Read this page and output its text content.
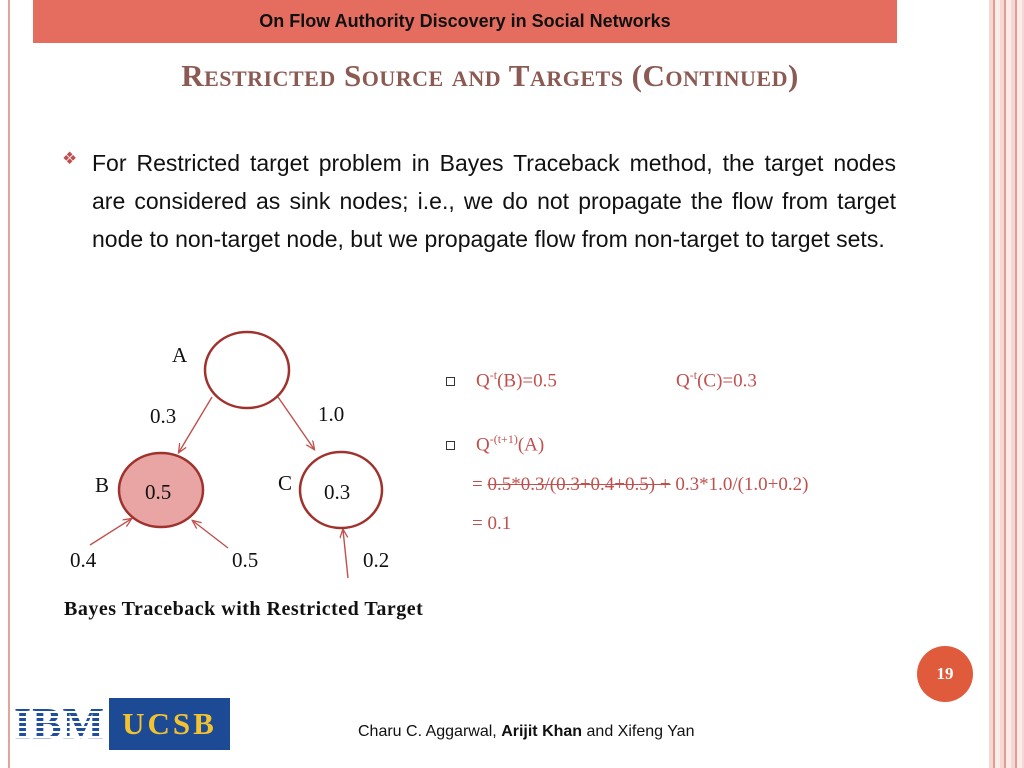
On Flow Authority Discovery in Social Networks
Restricted Source and Targets (Continued)
❖ For Restricted target problem in Bayes Traceback method, the target nodes are considered as sink nodes; i.e., we do not propagate the flow from target node to non-target node, but we propagate flow from non-target to target sets.
A
B	C
0.5	0.3
0.3	1.0
0.4	0.5	0.2
$Q^{-t}(B)=0.5$	$Q^{-t}(C)=0.3$
$Q^{-(t+1)}(A)$
= 0.5*0.3/(0.3+0.4+0.5) + 0.3*1.0/(1.0+0.2)
= 0.1
Bayes Traceback with Restricted Target
19
IBM UCSB	Charu C. Aggarwal, Arijit Khan and Xifeng Yan
